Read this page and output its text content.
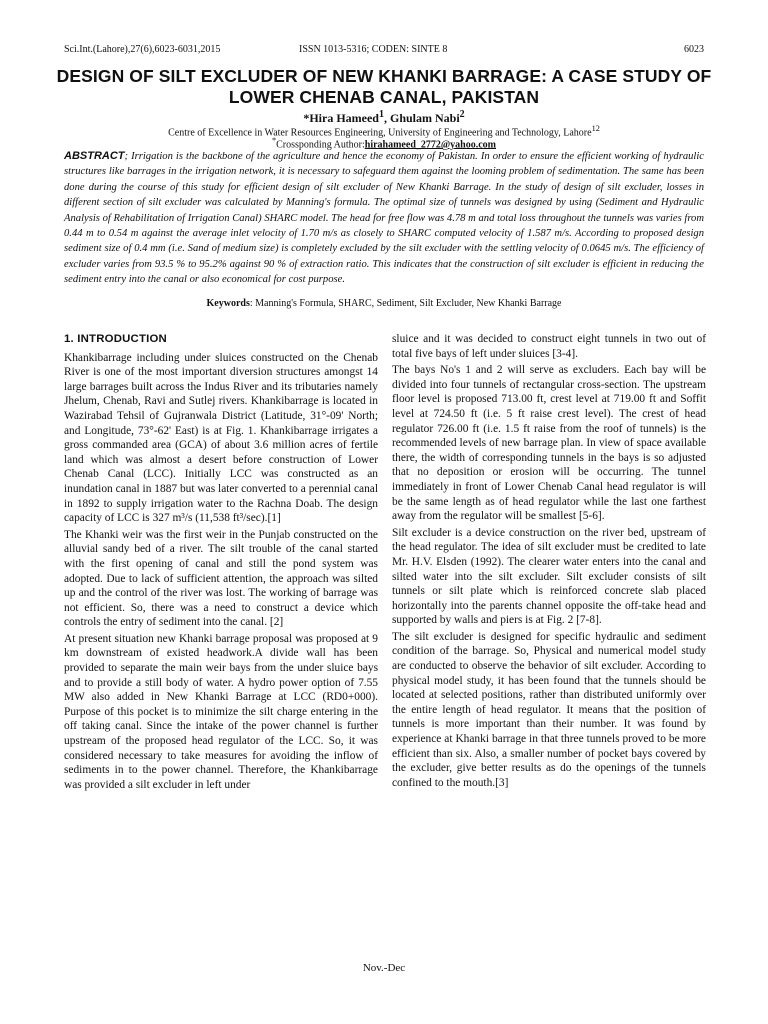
Sci.Int.(Lahore),27(6),6023-6031,2015	ISSN 1013-5316; CODEN: SINTE 8	6023
DESIGN OF SILT EXCLUDER OF NEW KHANKI BARRAGE: A CASE STUDY OF LOWER CHENAB CANAL, PAKISTAN
*Hira Hameed$^1$, Ghulam Nabi$^2$
Centre of Excellence in Water Resources Engineering, University of Engineering and Technology, Lahore$^{12}$
*Crossponding Author:hirahameed_2772@yahoo.com
ABSTRACT; Irrigation is the backbone of the agriculture and hence the economy of Pakistan. In order to ensure the efficient working of hydraulic structures like barrages in the irrigation network, it is necessary to safeguard them against the looming problem of sedimentation. The same has been done during the course of this study for efficient design of silt excluder of New Khanki Barrage. In the study of design of silt excluder, losses in different section of silt excluder was calculated by Manning's formula. The optimal size of tunnels was designed by using (Sediment and Hydraulic Analysis of Rehabilitation of Irrigation Canal) SHARC model. The head for free flow was 4.78 m and total loss throughout the tunnels was varies from 0.44 m to 0.54 m against the average inlet velocity of 1.70 m/s as closely to SHARC computed velocity of 1.587 m/s. According to proposed design sediment size of 0.4 mm (i.e. Sand of medium size) is completely excluded by the silt excluder with the settling velocity of 0.0645 m/s. The efficiency of excluder varies from 93.5 % to 95.2% against 90 % of extraction ratio. This indicates that the construction of silt excluder is efficient in reducing the sediment entry into the canal or also economical for cost purpose.
Keywords: Manning's Formula, SHARC, Sediment, Silt Excluder, New Khanki Barrage
1. INTRODUCTION

Khankibarrage including under sluices constructed on the Chenab River is one of the most important diversion structures amongst 14 large barrages built across the Indus River and its tributaries namely Jhelum, Chenab, Ravi and Sutlej rivers. Khankibarrage is located in Wazirabad Tehsil of Gujranwala District (Latitude, 31°-09' North; and Longitude, 73°-62' East) is at Fig. 1. Khankibarrage irrigates a gross commanded area (GCA) of about 3.6 million acres of fertile land which was almost a desert before construction of Lower Chenab Canal (LCC). Initially LCC was constructed as an inundation canal in 1887 but was later converted to a perennial canal in 1892 to supply irrigation water to the Rachna Doab. The design capacity of LCC is 327 m³/s (11,538 ft³/sec).[1]

The Khanki weir was the first weir in the Punjab constructed on the alluvial sandy bed of a river. The silt trouble of the canal started with the first opening of canal and still the pond system was adopted. Due to lack of sufficient attention, the approach was silted up and the control of the river was lost. The working of barrage was not efficient. So, there was a need to construct a device which controls the entry of sediment into the canal. [2]

At present situation new Khanki barrage proposal was proposed at 9 km downstream of existed headwork.A divide wall has been provided to separate the main weir bays from the under sluice bays and to provide a still body of water. A hydro power option of 7.55 MW also added in New Khanki Barrage at LCC (RD0+000). Purpose of this pocket is to minimize the silt charge entering in the off taking canal. Since the intake of the power channel is further upstream of the proposed head regulator of the LCC. So, it was considered necessary to take measures for avoiding the inflow of sediments in to the power channel. Therefore, the Khankibarrage was provided a silt excluder in left under

sluice and it was decided to construct eight tunnels in two out of total five bays of left under sluices [3-4].

The bays No's 1 and 2 will serve as excluders. Each bay will be divided into four tunnels of rectangular cross-section. The upstream floor level is proposed 713.00 ft, crest level at 719.00 ft and Soffit level at 724.50 ft (i.e. 5 ft raise crest level). The crest of head regulator 726.00 ft (i.e. 1.5 ft raise from the roof of tunnels) is the recommended levels of new barrage plan. In view of space available there, the width of corresponding tunnels in the bays is so adjusted that no deposition or erosion will be occurring. The tunnel immediately in front of Lower Chenab Canal head regulator is will be the same length as of head regulator while the last one farthest away from the regulator will be smallest [5-6].

Silt excluder is a device construction on the river bed, upstream of the head regulator. The idea of silt excluder must be credited to late Mr. H.V. Elsden (1992). The clearer water enters into the canal and silted water into the silt excluder. Silt excluder consists of silt tunnels or silt plate which is reinforced concrete slab placed horizontally into the parents channel opposite the off-take head and supported by walls and piers is at Fig. 2 [7-8].

The silt excluder is designed for specific hydraulic and sediment condition of the barrage. So, Physical and numerical model study are conducted to observe the behavior of silt excluder. According to physical model study, it has been found that the tunnels should be located at selected positions, rather than distributed uniformly over the entire length of head regulator. It means that the position of tunnels is more important than their number. It was found by experience at Khanki barrage in that three tunnels proved to be more efficient than six. Also, a smaller number of pocket bays covered by the excluder, give better results as do the openings of the tunnels confined to the mouth.[3]

Nov.-Dec
